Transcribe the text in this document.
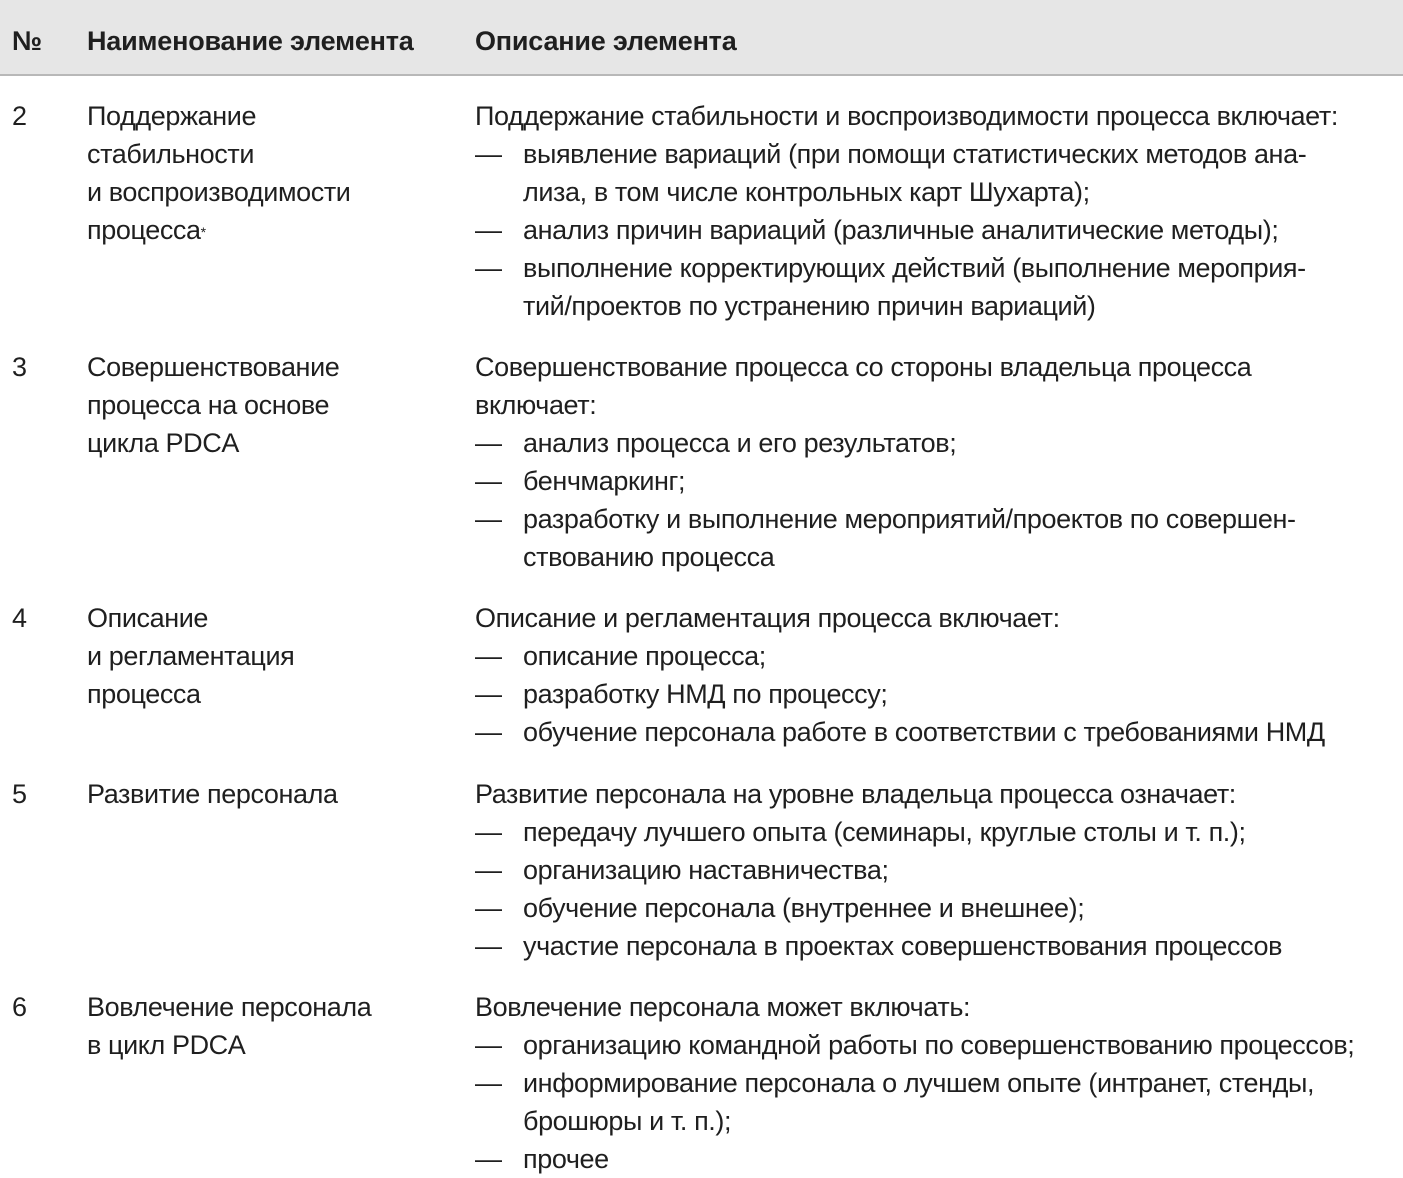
№ Наименование элемента Описание элемента
2 Поддержание
стабильности
и воспроизводимости
процесса*
Поддержание стабильности и воспроизводимости процесса включает:
— выявление вариаций (при помощи статистических методов ана-
лиза, в том числе контрольных карт Шухарта);
— анализ причин вариаций (различные аналитические методы);
— выполнение корректирующих действий (выполнение мероприя-
тий/проектов по устранению причин вариаций)
3 Совершенствование
процесса на основе
цикла PDCA
Совершенствование процесса со стороны владельца процесса
включает:
— анализ процесса и его результатов;
— бенчмаркинг;
— разработку и выполнение мероприятий/проектов по совершен-
ствованию процесса
4 Описание
и регламентация
процесса
Описание и регламентация процесса включает:
— описание процесса;
— разработку НМД по процессу;
— обучение персонала работе в соответствии с требованиями НМД
5 Развитие персонала	Развитие персонала на уровне владельца процесса означает:
— передачу лучшего опыта (семинары, круглые столы и т. п.);
— организацию наставничества;
— обучение персонала (внутреннее и внешнее);
— участие персонала в проектах совершенствования процессов
6 Вовлечение персонала
в цикл PDCA
Вовлечение персонала может включать:
— организацию командной работы по совершенствованию процессов;
— информирование персонала о лучшем опыте (интранет, стенды,
брошюры и т. п.);
— прочее
